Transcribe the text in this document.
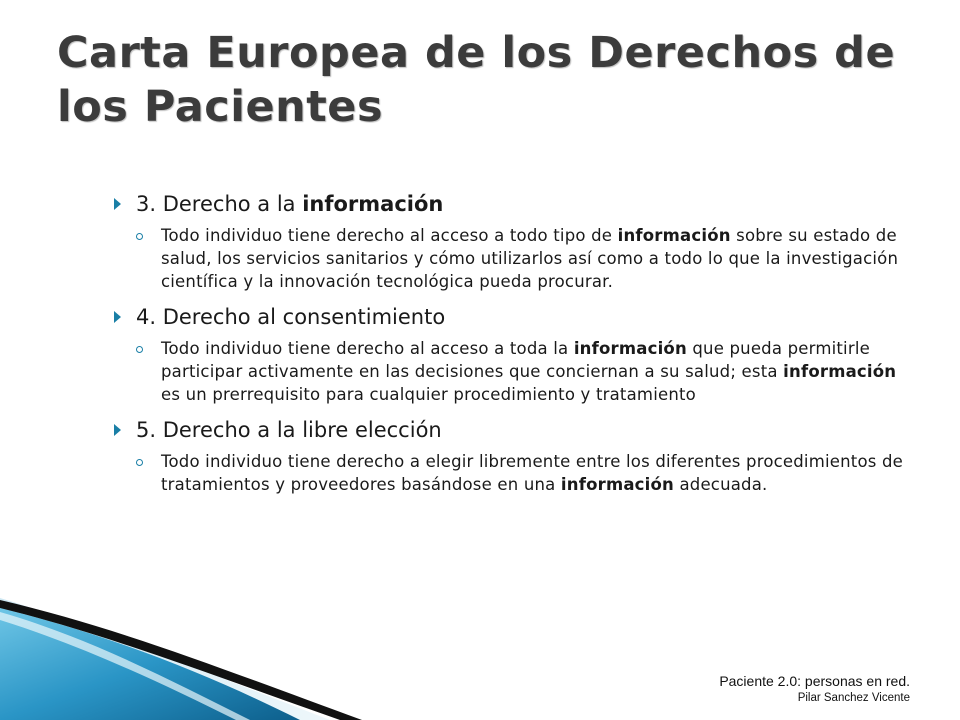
Carta Europea de los Derechos de los Pacientes
3. Derecho a la información
Todo individuo tiene derecho al acceso a todo tipo de información sobre su estado de salud, los servicios sanitarios y cómo utilizarlos así como a todo lo que la investigación científica y la innovación tecnológica pueda procurar.
4. Derecho al consentimiento
Todo individuo tiene derecho al acceso a toda la información que pueda permitirle participar activamente en las decisiones que conciernan a su salud; esta información es un prerrequisito para cualquier procedimiento y tratamiento
5. Derecho a la libre elección
Todo individuo tiene derecho a elegir libremente entre los diferentes procedimientos de tratamientos y proveedores basándose en una información adecuada.
Paciente 2.0: personas en red.
Pilar Sanchez Vicente
